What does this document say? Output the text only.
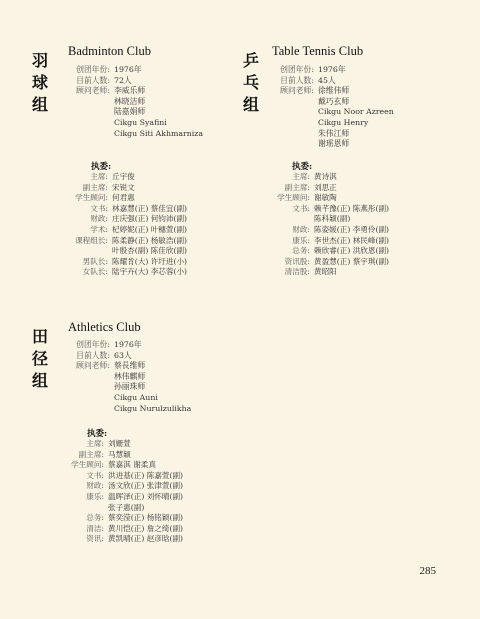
羽
球
组
Badminton Club
创团年份: 1976年
目前人数: 72人
顾问老师: 李威乐师
林晓洁师
陆嘉娟师
Cikgu Syafini
Cikgu Siti Akhmarniza
执委:
主席: 丘宇俊
副主席: 宋锐文
学生顾问: 何君惠
文书: 林嘉慧(正) 蔡佳宜(副)
财政: 庄庆强(正) 何钧沛(副)
学术: 杞婷妮(正) 叶穗萱(副)
课程组长: 陈柔静(正) 杨敏浩(副)
叶殷杏(副) 陈佳欣(副)
男队长: 陈耀肯(大) 许圩进(小)
女队长: 陆宇卉(大) 李芯蓉(小)
乒
乓
组
Table Tennis Club
创团年份: 1976年
目前人数: 45人
顾问老师: 徐维伟师
戴巧玄师
Cikgu Noor Azreen
Cikgu Henry
朱伟江师
谢瑶恩师
执委:
主席: 黄诗淇
副主席: 刘思正
学生顾问: 谢敏陶
文书: 赖芊豫(正) 陈燕彤(副)
陈科颖(副)
财政: 陈姿媛(正) 李勇伶(副)
康乐: 李世杰(正) 林民峰(副)
总务: 赖欣睿(正) 洪欣恩(副)
资讯股: 黄盈慧(正) 蔡宇琪(副)
清洁股: 黄昭阳
田
径
组
Athletics Club
创团年份: 1976年
目前人数: 63人
顾问老师: 蔡長维师
林伟麒师
孙丽珠师
Cikgu Auni
Cikgu Nurulzulikha
执委:
主席: 刘姗萱
副主席: 马慧颖
学生顾问: 蔡嘉淇 谢柔真
文书: 洪进基(正) 陈嘉萱(副)
财政: 汤文欣(正) 张津萱(副)
康乐: 温晖泽(正) 刘怀晴(副)
张子惠(副)
总务: 蔡奕滢(正) 杨铭颖(副)
清洁: 黄川恺(正) 詹之绮(副)
资讯: 黄凯晴(正) 赵彦晗(副)
285
